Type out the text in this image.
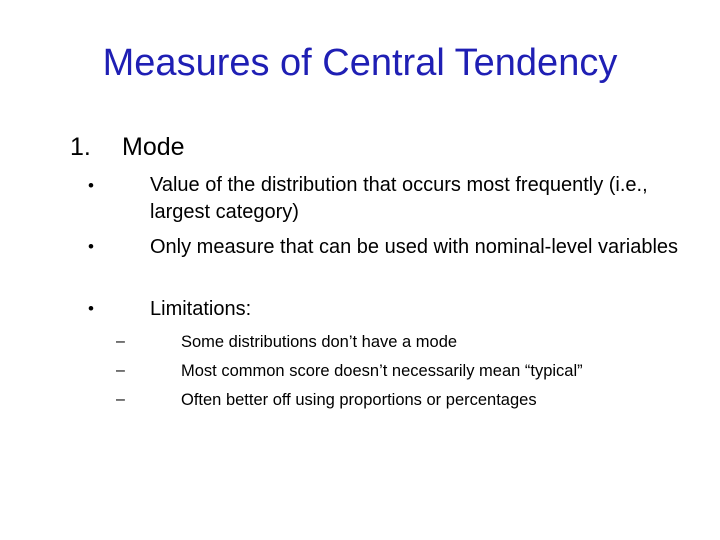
Measures of Central Tendency
1. Mode
•	Value of the distribution that occurs most frequently (i.e., largest category)
•	Only measure that can be used with nominal-level variables
•	Limitations:
–	Some distributions don’t have a mode
–	Most common score doesn’t necessarily mean “typical”
–	Often better off using proportions or percentages
